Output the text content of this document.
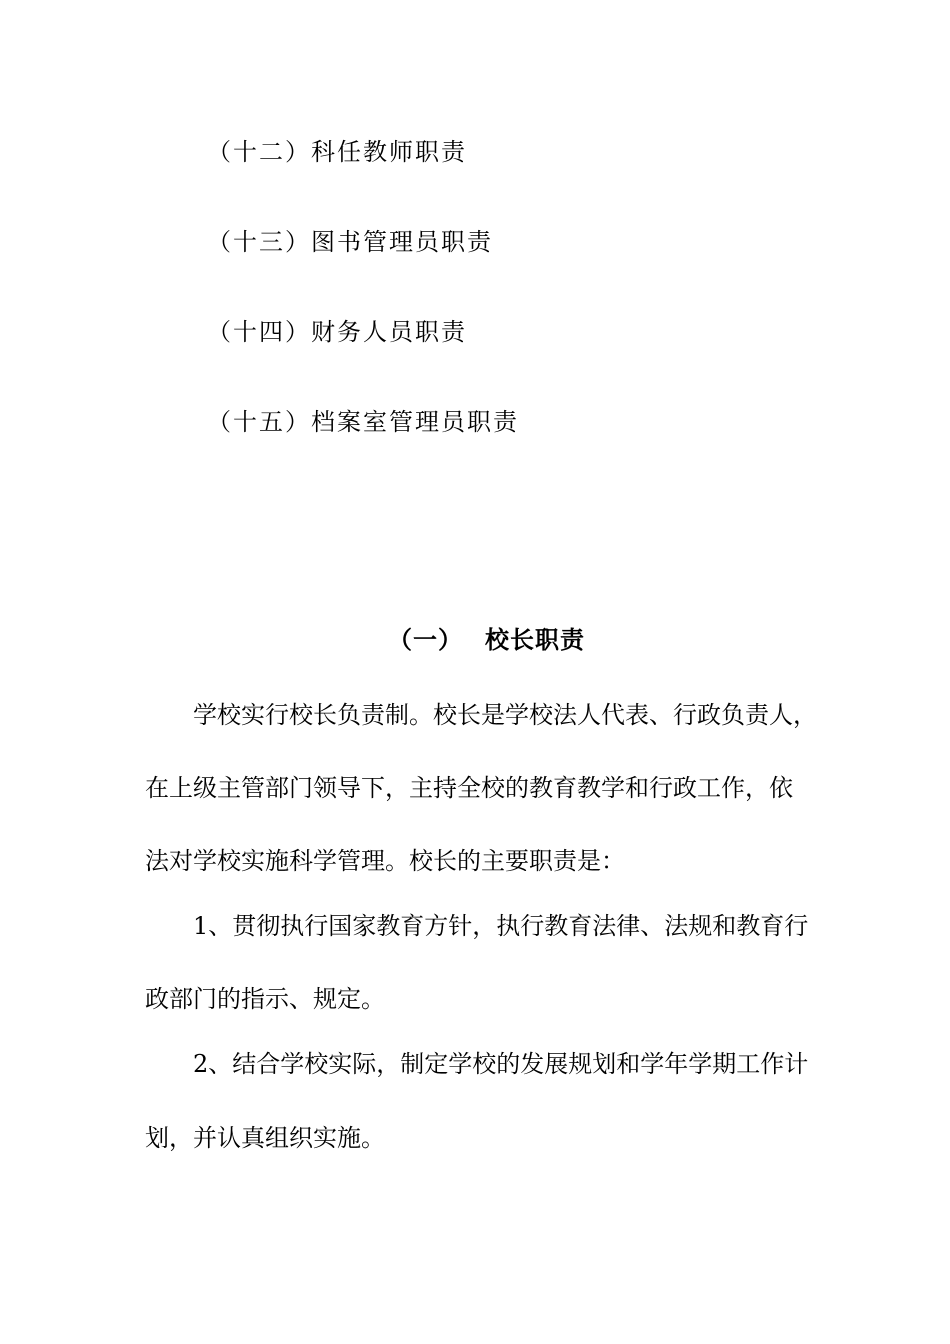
（十二）科任教师职责
（十三）图书管理员职责
（十四）财务人员职责
（十五）档案室管理员职责
（一） 校长职责
学校实行校长负责制。校长是学校法人代表、行政负责人，
在上级主管部门领导下，主持全校的教育教学和行政工作，依
法对学校实施科学管理。校长的主要职责是：
1、贯彻执行国家教育方针，执行教育法律、法规和教育行
政部门的指示、规定。
2、结合学校实际，制定学校的发展规划和学年学期工作计
划，并认真组织实施。
